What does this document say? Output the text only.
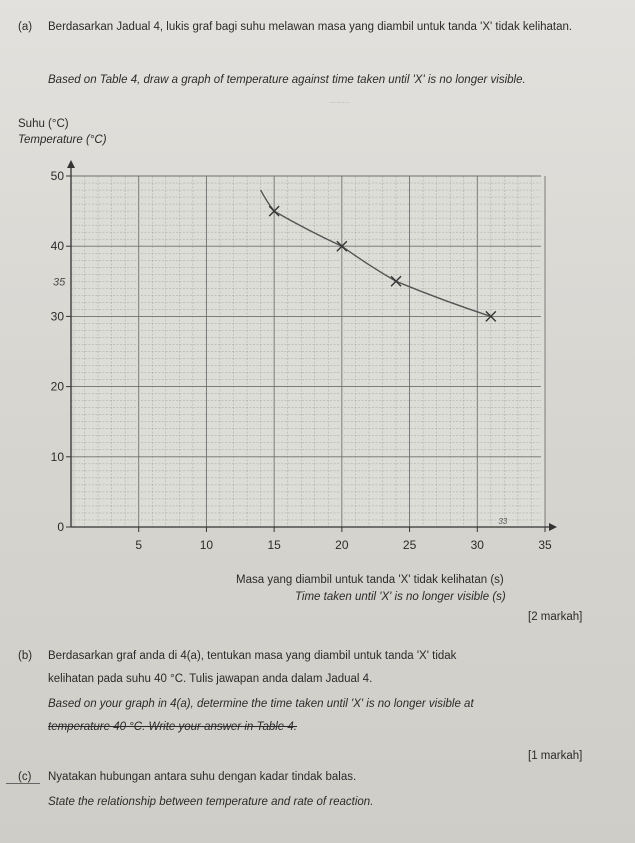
(a) Berdasarkan Jadual 4, lukis graf bagi suhu melawan masa yang diambil untuk tanda 'X' tidak kelihatan.
Based on Table 4, draw a graph of temperature against time taken until 'X' is no longer visible.
Suhu (°C)
Temperature (°C)
........
5	10	15	20	25	30	35
0
10
20
30
40
50
35
33
Masa yang diambil untuk tanda 'X' tidak kelihatan (s)
Time taken until 'X' is no longer visible (s)
[2 markah]
(b) Berdasarkan graf anda di 4(a), tentukan masa yang diambil untuk tanda 'X' tidak
kelihatan pada suhu 40 °C. Tulis jawapan anda dalam Jadual 4.
Based on your graph in 4(a), determine the time taken until 'X' is no longer visible at
temperature 40 °C. Write your answer in Table 4.
[1 markah]
(c) Nyatakan hubungan antara suhu dengan kadar tindak balas.
State the relationship between temperature and rate of reaction.
